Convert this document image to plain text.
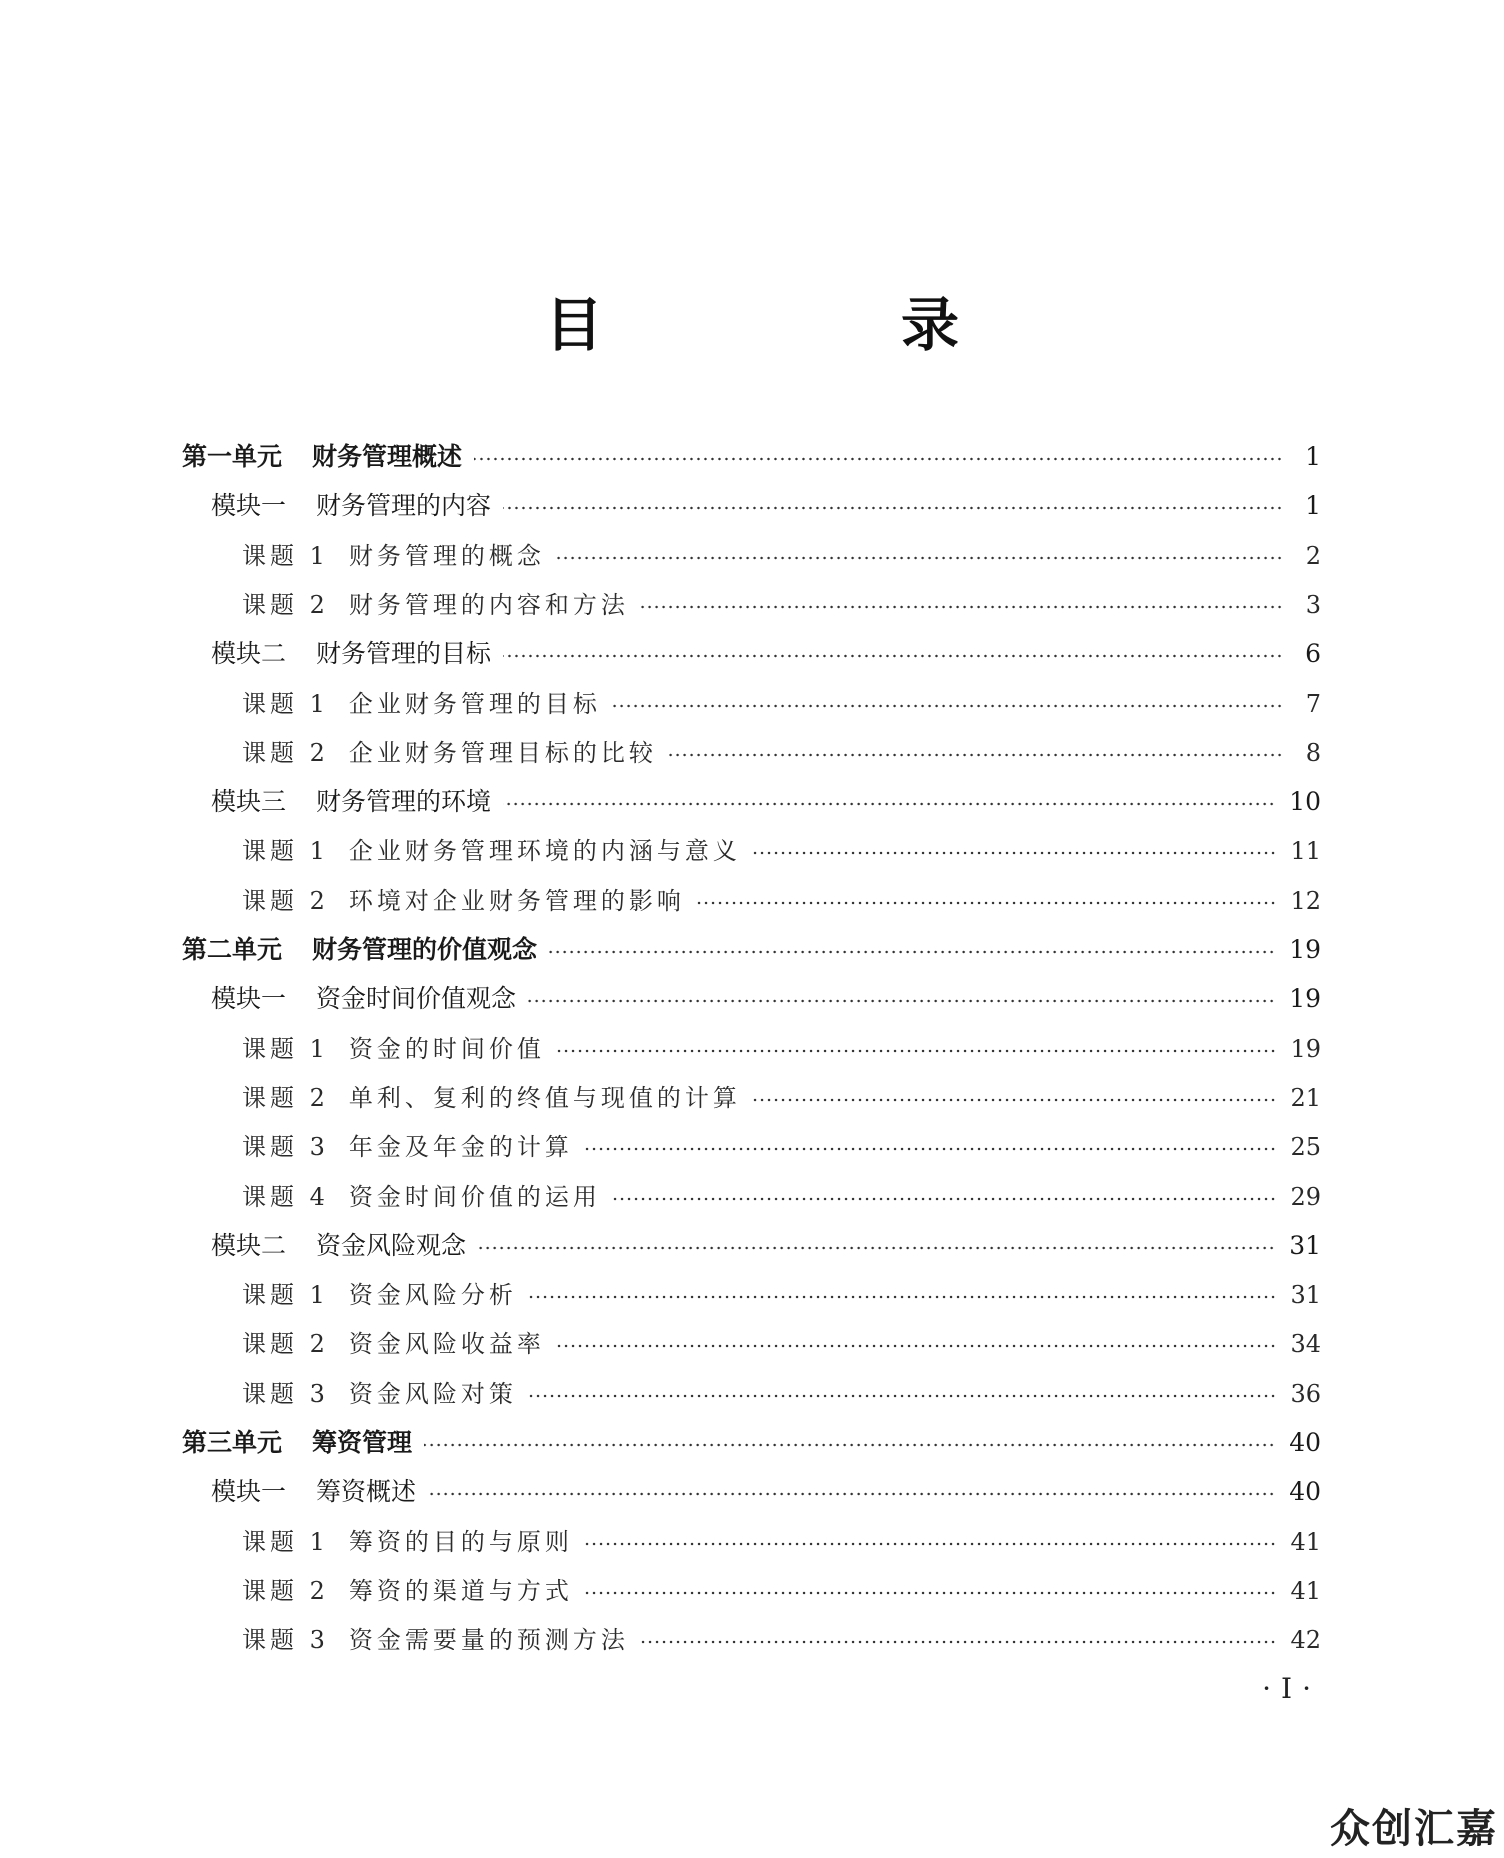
目　录
第一单元 财务管理概述	1
模块一 财务管理的内容	1
课题 1 财务管理的概念	2
课题 2 财务管理的内容和方法	3
模块二 财务管理的目标	6
课题 1 企业财务管理的目标	7
课题 2 企业财务管理目标的比较	8
模块三 财务管理的环境	10
课题 1 企业财务管理环境的内涵与意义	11
课题 2 环境对企业财务管理的影响	12
第二单元 财务管理的价值观念	19
模块一 资金时间价值观念	19
课题 1 资金的时间价值	19
课题 2 单利、复利的终值与现值的计算	21
课题 3 年金及年金的计算	25
课题 4 资金时间价值的运用	29
模块二 资金风险观念	31
课题 1 资金风险分析	31
课题 2 资金风险收益率	34
课题 3 资金风险对策	36
第三单元 筹资管理	40
模块一 筹资概述	40
课题 1 筹资的目的与原则	41
课题 2 筹资的渠道与方式	41
课题 3 资金需要量的预测方法	42
·Ⅰ·
众创汇嘉
